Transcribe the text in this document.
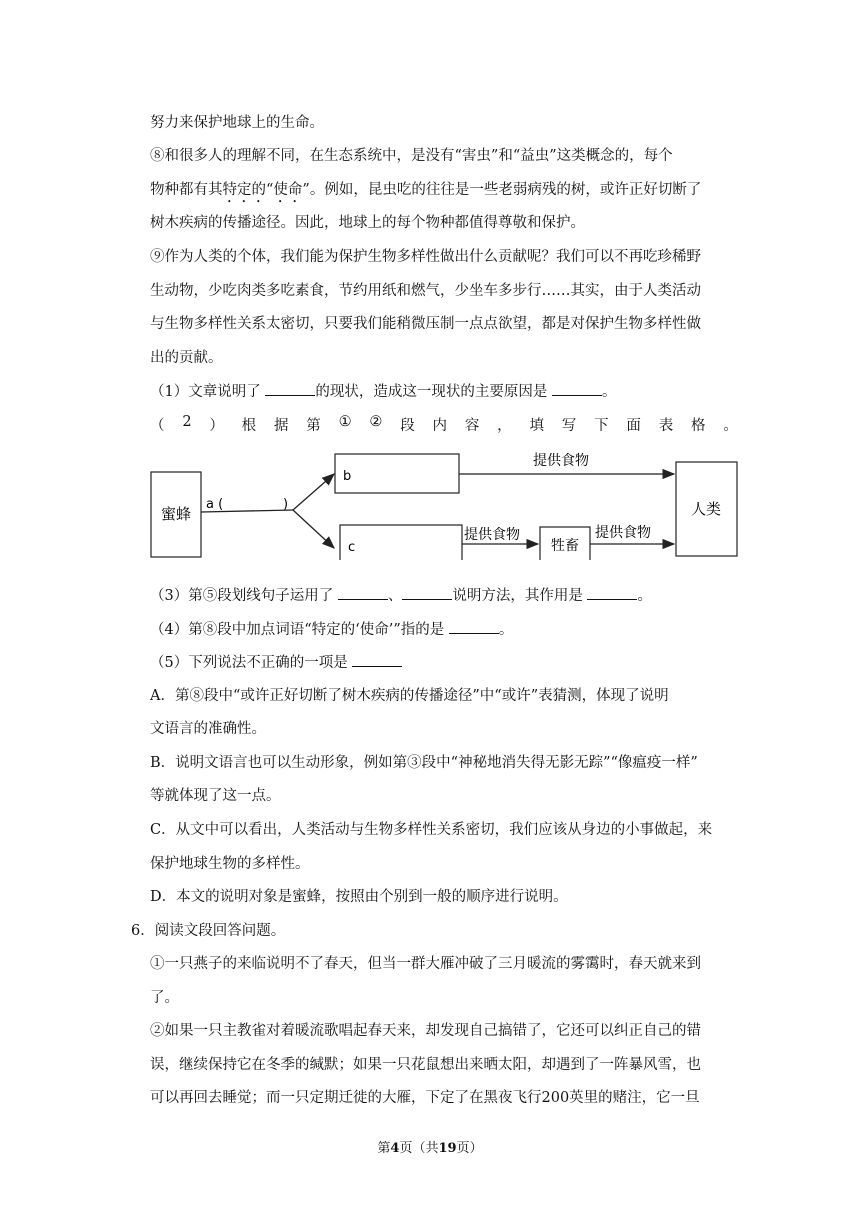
努力来保护地球上的生命。
⑧和很多人的理解不同，在生态系统中，是没有“害虫”和“益虫”这类概念的，每个
物种都有其特定的“使命”。例如，昆虫吃的往往是一些老弱病残的树，或许正好切断了
树木疾病的传播途径。因此，地球上的每个物种都值得尊敬和保护。
⑨作为人类的个体，我们能为保护生物多样性做出什么贡献呢？我们可以不再吃珍稀野
生动物，少吃肉类多吃素食，节约用纸和燃气，少坐车多步行……其实，由于人类活动
与生物多样性关系太密切，只要我们能稍微压制一点点欲望，都是对保护生物多样性做
出的贡献。
（1）文章说明了	的现状，造成这一现状的主要原因是	。
（ 2 ） 根 据 第 ① ② 段 内 容 ， 填 写 下 面 表 格 。
蜜蜂
a (	)
b
c
提供食物
提供食物
牲畜
提供食物
人类
（3）第⑤段划线句子运用了	、	说明方法，其作用是	。
（4）第⑧段中加点词语“特定的‘使命’”指的是	。
（5）下列说法不正确的一项是
A．第⑧段中“或许正好切断了树木疾病的传播途径”中“或许”表猜测，体现了说明
文语言的准确性。
B．说明文语言也可以生动形象，例如第③段中“神秘地消失得无影无踪”“像瘟疫一样”
等就体现了这一点。
C．从文中可以看出，人类活动与生物多样性关系密切，我们应该从身边的小事做起，来
保护地球生物的多样性。
D．本文的说明对象是蜜蜂，按照由个别到一般的顺序进行说明。
6．阅读文段回答问题。
①一只燕子的来临说明不了春天，但当一群大雁冲破了三月暖流的雾霭时，春天就来到
了。
②如果一只主教雀对着暖流歌唱起春天来，却发现自己搞错了，它还可以纠正自己的错
误，继续保持它在冬季的缄默；如果一只花鼠想出来晒太阳，却遇到了一阵暴风雪，也
可以再回去睡觉；而一只定期迁徙的大雁，下定了在黑夜飞行200英里的赌注，它一旦
第4页（共19页）
